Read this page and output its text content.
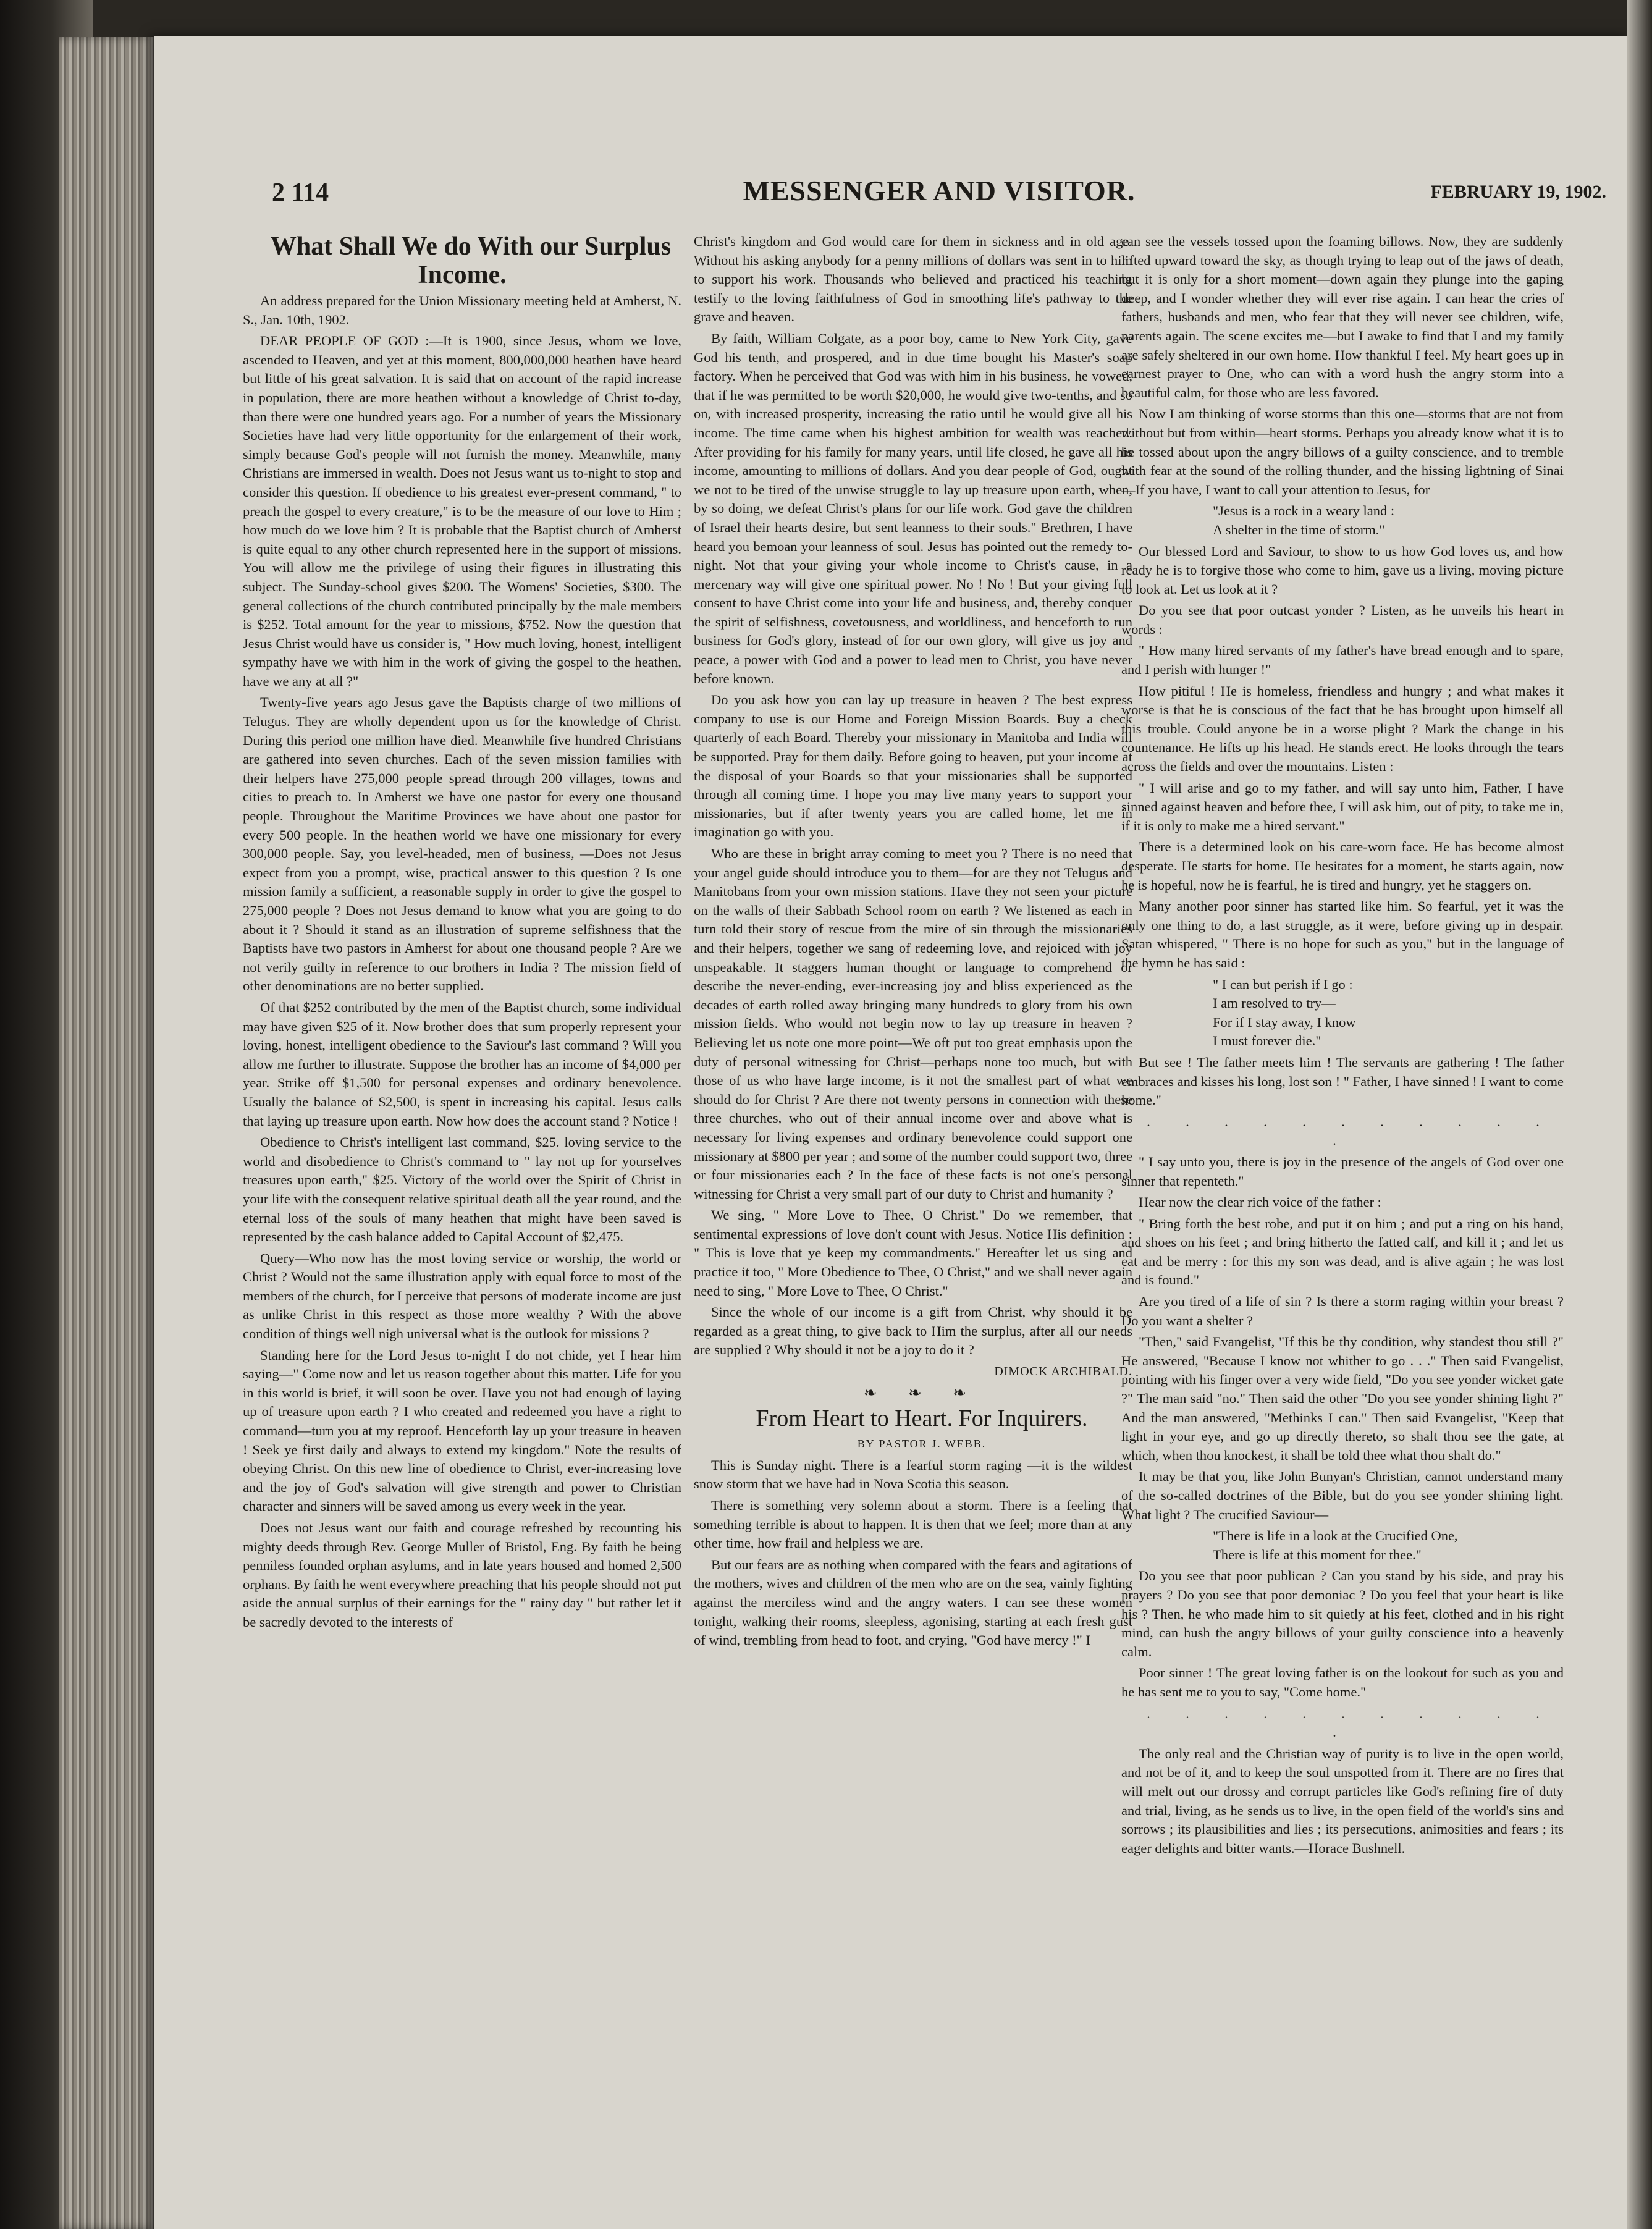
2 114	MESSENGER AND VISITOR.	FEBRUARY 19, 1902.

What Shall We do With our Surplus Income.

An address prepared for the Union Missionary meeting held at Amherst, N. S., Jan. 10th, 1902.

DEAR PEOPLE OF GOD :—It is 1900, since Jesus, whom we love, ascended to Heaven, and yet at this moment, 800,000,000 heathen have heard but little of his great salvation. It is said that on account of the rapid increase in population, there are more heathen without a knowledge of Christ to-day, than there were one hundred years ago. For a number of years the Missionary Societies have had very little opportunity for the enlargement of their work, simply because God's people will not furnish the money. Meanwhile, many Christians are immersed in wealth. Does not Jesus want us to-night to stop and consider this question. If obedience to his greatest ever-present command, " to preach the gospel to every creature," is to be the measure of our love to Him ; how much do we love him ? It is probable that the Baptist church of Amherst is quite equal to any other church represented here in the support of missions. You will allow me the privilege of using their figures in illustrating this subject. The Sunday-school gives $200. The Womens' Societies, $300. The general collections of the church contributed principally by the male members is $252. Total amount for the year to missions, $752. Now the question that Jesus Christ would have us consider is, " How much loving, honest, intelligent sympathy have we with him in the work of giving the gospel to the heathen, have we any at all ?"

Twenty-five years ago Jesus gave the Baptists charge of two millions of Telugus. They are wholly dependent upon us for the knowledge of Christ. During this period one million have died. Meanwhile five hundred Christians are gathered into seven churches. Each of the seven mission families with their helpers have 275,000 people spread through 200 villages, towns and cities to preach to. In Amherst we have one pastor for every one thousand people. Throughout the Maritime Provinces we have about one pastor for every 500 people. In the heathen world we have one missionary for every 300,000 people. Say, you level-headed, men of business, —Does not Jesus expect from you a prompt, wise, practical answer to this question ? Is one mission family a sufficient, a reasonable supply in order to give the gospel to 275,000 people ? Does not Jesus demand to know what you are going to do about it ? Should it stand as an illustration of supreme selfishness that the Baptists have two pastors in Amherst for about one thousand people ? Are we not verily guilty in reference to our brothers in India ? The mission field of other denominations are no better supplied.

Of that $252 contributed by the men of the Baptist church, some individual may have given $25 of it. Now brother does that sum properly represent your loving, honest, intelligent obedience to the Saviour's last command ? Will you allow me further to illustrate. Suppose the brother has an income of $4,000 per year. Strike off $1,500 for personal expenses and ordinary benevolence. Usually the balance of $2,500, is spent in increasing his capital. Jesus calls that laying up treasure upon earth. Now how does the account stand ? Notice !

Obedience to Christ's intelligent last command, $25. loving service to the world and disobedience to Christ's command to " lay not up for yourselves treasures upon earth," $25. Victory of the world over the Spirit of Christ in your life with the consequent relative spiritual death all the year round, and the eternal loss of the souls of many heathen that might have been saved is represented by the cash balance added to Capital Account of $2,475.

Query—Who now has the most loving service or worship, the world or Christ ? Would not the same illustration apply with equal force to most of the members of the church, for I perceive that persons of moderate income are just as unlike Christ in this respect as those more wealthy ? With the above condition of things well nigh universal what is the outlook for missions ?

Standing here for the Lord Jesus to-night I do not chide, yet I hear him saying—" Come now and let us reason together about this matter. Life for you in this world is brief, it will soon be over. Have you not had enough of laying up of treasure upon earth ? I who created and redeemed you have a right to command—turn you at my reproof. Henceforth lay up your treasure in heaven ! Seek ye first daily and always to extend my kingdom." Note the results of obeying Christ. On this new line of obedience to Christ, ever-increasing love and the joy of God's salvation will give strength and power to Christian character and sinners will be saved among us every week in the year.

Does not Jesus want our faith and courage refreshed by recounting his mighty deeds through Rev. George Muller of Bristol, Eng. By faith he being penniless founded orphan asylums, and in late years housed and homed 2,500 orphans. By faith he went everywhere preaching that his people should not put aside the annual surplus of their earnings for the " rainy day " but rather let it be sacredly devoted to the interests of

Christ's kingdom and God would care for them in sickness and in old age. Without his asking anybody for a penny millions of dollars was sent in to him to support his work. Thousands who believed and practiced his teaching testify to the loving faithfulness of God in smoothing life's pathway to the grave and heaven.

By faith, William Colgate, as a poor boy, came to New York City, gave God his tenth, and prospered, and in due time bought his Master's soap factory. When he perceived that God was with him in his business, he vowed, that if he was permitted to be worth $20,000, he would give two-tenths, and so on, with increased prosperity, increasing the ratio until he would give all his income. The time came when his highest ambition for wealth was reached. After providing for his family for many years, until life closed, he gave all his income, amounting to millions of dollars. And you dear people of God, ought we not to be tired of the unwise struggle to lay up treasure upon earth, when, by so doing, we defeat Christ's plans for our life work. God gave the children of Israel their hearts desire, but sent leanness to their souls." Brethren, I have heard you bemoan your leanness of soul. Jesus has pointed out the remedy to-night. Not that your giving your whole income to Christ's cause, in a mercenary way will give one spiritual power. No ! No ! But your giving full consent to have Christ come into your life and business, and, thereby conquer the spirit of selfishness, covetousness, and worldliness, and henceforth to run business for God's glory, instead of for our own glory, will give us joy and peace, a power with God and a power to lead men to Christ, you have never before known.

Do you ask how you can lay up treasure in heaven ? The best express company to use is our Home and Foreign Mission Boards. Buy a check quarterly of each Board. Thereby your missionary in Manitoba and India will be supported. Pray for them daily. Before going to heaven, put your income at the disposal of your Boards so that your missionaries shall be supported through all coming time. I hope you may live many years to support your missionaries, but if after twenty years you are called home, let me in imagination go with you.

Who are these in bright array coming to meet you ? There is no need that your angel guide should introduce you to them—for are they not Telugus and Manitobans from your own mission stations. Have they not seen your picture on the walls of their Sabbath School room on earth ? We listened as each in turn told their story of rescue from the mire of sin through the missionaries and their helpers, together we sang of redeeming love, and rejoiced with joy unspeakable. It staggers human thought or language to comprehend or describe the never-ending, ever-increasing joy and bliss experienced as the decades of earth rolled away bringing many hundreds to glory from his own mission fields. Who would not begin now to lay up treasure in heaven ? Believing let us note one more point—We oft put too great emphasis upon the duty of personal witnessing for Christ—perhaps none too much, but with those of us who have large income, is it not the smallest part of what we should do for Christ ? Are there not twenty persons in connection with these three churches, who out of their annual income over and above what is necessary for living expenses and ordinary benevolence could support one missionary at $800 per year ; and some of the number could support two, three or four missionaries each ? In the face of these facts is not one's personal witnessing for Christ a very small part of our duty to Christ and humanity ?

We sing, " More Love to Thee, O Christ." Do we remember, that sentimental expressions of love don't count with Jesus. Notice His definition : " This is love that ye keep my commandments." Hereafter let us sing and practice it too, " More Obedience to Thee, O Christ," and we shall never again need to sing, " More Love to Thee, O Christ."

Since the whole of our income is a gift from Christ, why should it be regarded as a great thing, to give back to Him the surplus, after all our needs are supplied ? Why should it not be a joy to do it ?

DIMOCK ARCHIBALD.

❧ ❧ ❧

From Heart to Heart. For Inquirers.

BY PASTOR J. WEBB.

This is Sunday night. There is a fearful storm raging —it is the wildest snow storm that we have had in Nova Scotia this season.

There is something very solemn about a storm. There is a feeling that something terrible is about to happen. It is then that we feel; more than at any other time, how frail and helpless we are.

But our fears are as nothing when compared with the fears and agitations of the mothers, wives and children of the men who are on the sea, vainly fighting against the merciless wind and the angry waters. I can see these women tonight, walking their rooms, sleepless, agonising, starting at each fresh gust of wind, trembling from head to foot, and crying, "God have mercy !" I

can see the vessels tossed upon the foaming billows. Now, they are suddenly lifted upward toward the sky, as though trying to leap out of the jaws of death, but it is only for a short moment—down again they plunge into the gaping deep, and I wonder whether they will ever rise again. I can hear the cries of fathers, husbands and men, who fear that they will never see children, wife, parents again. The scene excites me—but I awake to find that I and my family are safely sheltered in our own home. How thankful I feel. My heart goes up in earnest prayer to One, who can with a word hush the angry storm into a beautiful calm, for those who are less favored.

Now I am thinking of worse storms than this one—storms that are not from without but from within—heart storms. Perhaps you already know what it is to be tossed about upon the angry billows of a guilty conscience, and to tremble with fear at the sound of the rolling thunder, and the hissing lightning of Sinai—If you have, I want to call your attention to Jesus, for

"Jesus is a rock in a weary land :
A shelter in the time of storm."

Our blessed Lord and Saviour, to show to us how God loves us, and how ready he is to forgive those who come to him, gave us a living, moving picture to look at. Let us look at it ?

Do you see that poor outcast yonder ? Listen, as he unveils his heart in words :

" How many hired servants of my father's have bread enough and to spare, and I perish with hunger !"

How pitiful ! He is homeless, friendless and hungry ; and what makes it worse is that he is conscious of the fact that he has brought upon himself all this trouble. Could anyone be in a worse plight ? Mark the change in his countenance. He lifts up his head. He stands erect. He looks through the tears across the fields and over the mountains. Listen :

" I will arise and go to my father, and will say unto him, Father, I have sinned against heaven and before thee, I will ask him, out of pity, to take me in, if it is only to make me a hired servant."

There is a determined look on his care-worn face. He has become almost desperate. He starts for home. He hesitates for a moment, he starts again, now he is hopeful, now he is fearful, he is tired and hungry, yet he staggers on.

Many another poor sinner has started like him. So fearful, yet it was the only one thing to do, a last struggle, as it were, before giving up in despair. Satan whispered, " There is no hope for such as you," but in the language of the hymn he has said :

" I can but perish if I go :
I am resolved to try—
For if I stay away, I know
I must forever die."

But see ! The father meets him ! The servants are gathering ! The father embraces and kisses his long, lost son ! " Father, I have sinned ! I want to come home."

. . . . . . . . . . . .

" I say unto you, there is joy in the presence of the angels of God over one sinner that repenteth."

Hear now the clear rich voice of the father :

" Bring forth the best robe, and put it on him ; and put a ring on his hand, and shoes on his feet ; and bring hitherto the fatted calf, and kill it ; and let us eat and be merry : for this my son was dead, and is alive again ; he was lost and is found."

Are you tired of a life of sin ? Is there a storm raging within your breast ? Do you want a shelter ?

"Then," said Evangelist, "If this be thy condition, why standest thou still ?" He answered, "Because I know not whither to go . . ." Then said Evangelist, pointing with his finger over a very wide field, "Do you see yonder wicket gate ?" The man said "no." Then said the other "Do you see yonder shining light ?" And the man answered, "Methinks I can." Then said Evangelist, "Keep that light in your eye, and go up directly thereto, so shalt thou see the gate, at which, when thou knockest, it shall be told thee what thou shalt do."

It may be that you, like John Bunyan's Christian, cannot understand many of the so-called doctrines of the Bible, but do you see yonder shining light. What light ? The crucified Saviour—

"There is life in a look at the Crucified One,
There is life at this moment for thee."

Do you see that poor publican ? Can you stand by his side, and pray his prayers ? Do you see that poor demoniac ? Do you feel that your heart is like his ? Then, he who made him to sit quietly at his feet, clothed and in his right mind, can hush the angry billows of your guilty conscience into a heavenly calm.

Poor sinner ! The great loving father is on the lookout for such as you and he has sent me to you to say, "Come home."

. . . . . . . . . . . .

The only real and the Christian way of purity is to live in the open world, and not be of it, and to keep the soul unspotted from it. There are no fires that will melt out our drossy and corrupt particles like God's refining fire of duty and trial, living, as he sends us to live, in the open field of the world's sins and sorrows ; its plausibilities and lies ; its persecutions, animosities and fears ; its eager delights and bitter wants.—Horace Bushnell.
